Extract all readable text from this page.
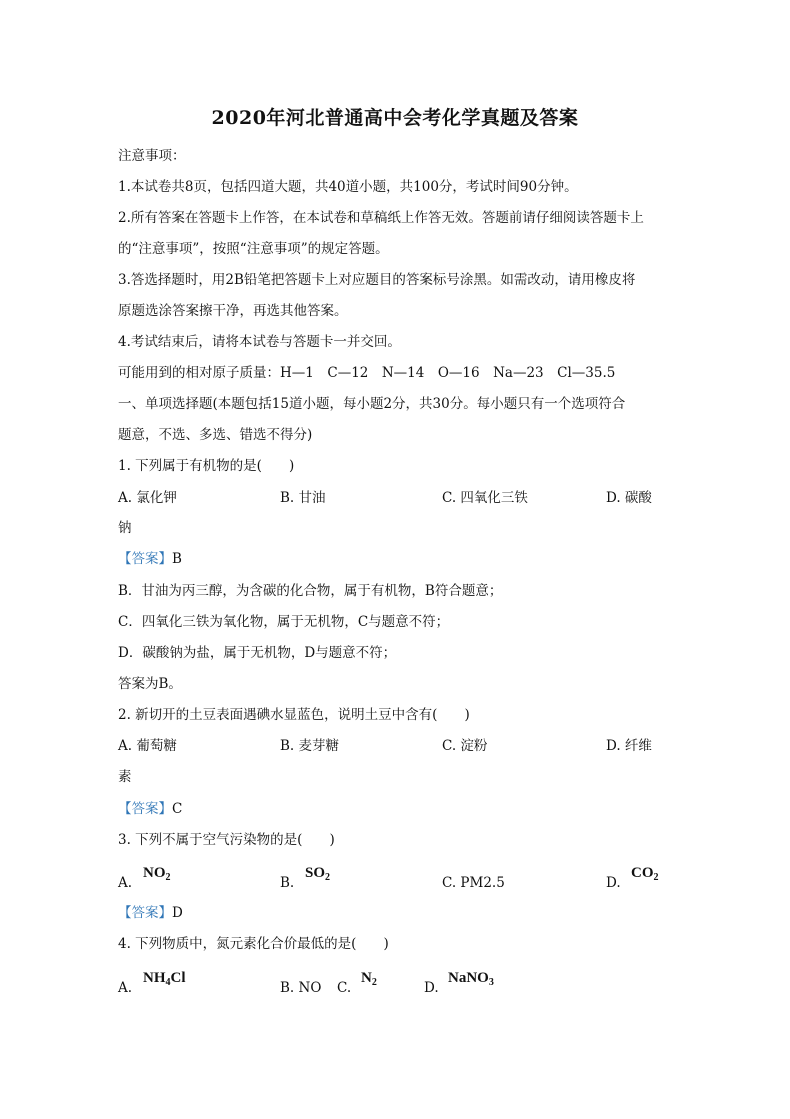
2020年河北普通高中会考化学真题及答案
注意事项：
1.本试卷共8页，包括四道大题，共40道小题，共100分，考试时间90分钟。
2.所有答案在答题卡上作答，在本试卷和草稿纸上作答无效。答题前请仔细阅读答题卡上
的“注意事项”，按照“注意事项”的规定答题。
3.答选择题时，用2B铅笔把答题卡上对应题目的答案标号涂黑。如需改动，请用橡皮将
原题选涂答案擦干净，再选其他答案。
4.考试结束后，请将本试卷与答题卡一并交回。
可能用到的相对原子质量：H—1　C—12　N—14　O—16　Na—23　Cl—35.5
一、单项选择题(本题包括15道小题，每小题2分，共30分。每小题只有一个选项符合
题意，不选、多选、错选不得分)
1. 下列属于有机物的是(　　)
A. 氯化钾	B. 甘油	C. 四氧化三铁	D. 碳酸
钠
【答案】B
B．甘油为丙三醇，为含碳的化合物，属于有机物，B符合题意；
C．四氧化三铁为氧化物，属于无机物，C与题意不符；
D．碳酸钠为盐，属于无机物，D与题意不符；
答案为B。
2. 新切开的土豆表面遇碘水显蓝色，说明土豆中含有(　　)
A. 葡萄糖	B. 麦芽糖	C. 淀粉	D. 纤维
素
【答案】C
3. 下列不属于空气污染物的是(　　)
A.
$NO_2$	B.
$SO_2$	C. PM2.5	D.
$CO_2$
【答案】D
4. 下列物质中，氮元素化合价最低的是(　　)
A.
$NH_4Cl$
B. NO C.
$N_2$	D.
NaNO$_3$
